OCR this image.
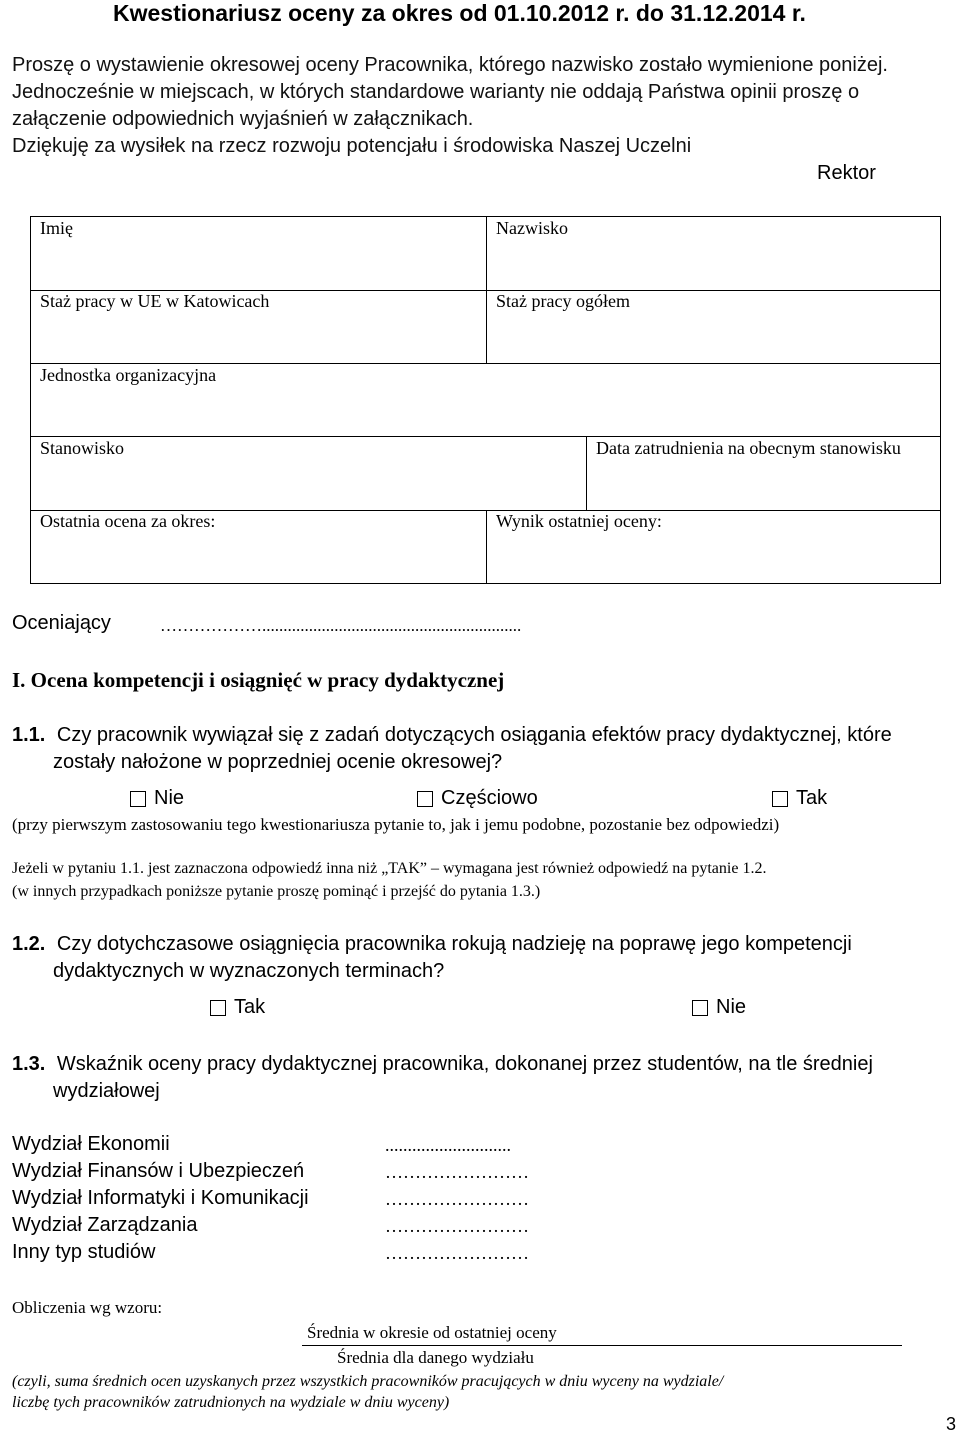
Kwestionariusz oceny za okres od 01.10.2012 r. do 31.12.2014 r.
Proszę o wystawienie okresowej oceny Pracownika, którego nazwisko zostało wymienione poniżej.
Jednocześnie w miejscach, w których standardowe warianty nie oddają Państwa opinii proszę o
załączenie odpowiednich wyjaśnień w załącznikach.
Dziękuję za wysiłek na rzecz rozwoju potencjału i środowiska Naszej Uczelni
Rektor
Imię	Nazwisko
Staż pracy w UE w Katowicach	Staż pracy ogółem
Jednostka organizacyjna
Stanowisko	Data zatrudnienia na obecnym stanowisku
Ostatnia ocena za okres:	Wynik ostatniej oceny:
Oceniający	……………….............................................................
I. Ocena kompetencji i osiągnięć w pracy dydaktycznej
1.1. Czy pracownik wywiązał się z zadań dotyczących osiągania efektów pracy dydaktycznej, które
zostały nałożone w poprzedniej ocenie okresowej?
Nie	Częściowo	Tak
(przy pierwszym zastosowaniu tego kwestionariusza pytanie to, jak i jemu podobne, pozostanie bez odpowiedzi)
Jeżeli w pytaniu 1.1. jest zaznaczona odpowiedź inna niż „TAK” – wymagana jest również odpowiedź na pytanie 1.2.
(w innych przypadkach poniższe pytanie proszę pominąć i przejść do pytania 1.3.)
1.2. Czy dotychczasowe osiągnięcia pracownika rokują nadzieję na poprawę jego kompetencji
dydaktycznych w wyznaczonych terminach?
Tak	Nie
1.3. Wskaźnik oceny pracy dydaktycznej pracownika, dokonanej przez studentów, na tle średniej
wydziałowej
Wydział Ekonomii	............................
Wydział Finansów i Ubezpieczeń	……………………
Wydział Informatyki i Komunikacji	……………………
Wydział Zarządzania	……………………
Inny typ studiów	……………………
Obliczenia wg wzoru:
Średnia w okresie od ostatniej oceny
Średnia dla danego wydziału
(czyli, suma średnich ocen uzyskanych przez wszystkich pracowników pracujących w dniu wyceny na wydziale/
liczbę tych pracowników zatrudnionych na wydziale w dniu wyceny)
3
